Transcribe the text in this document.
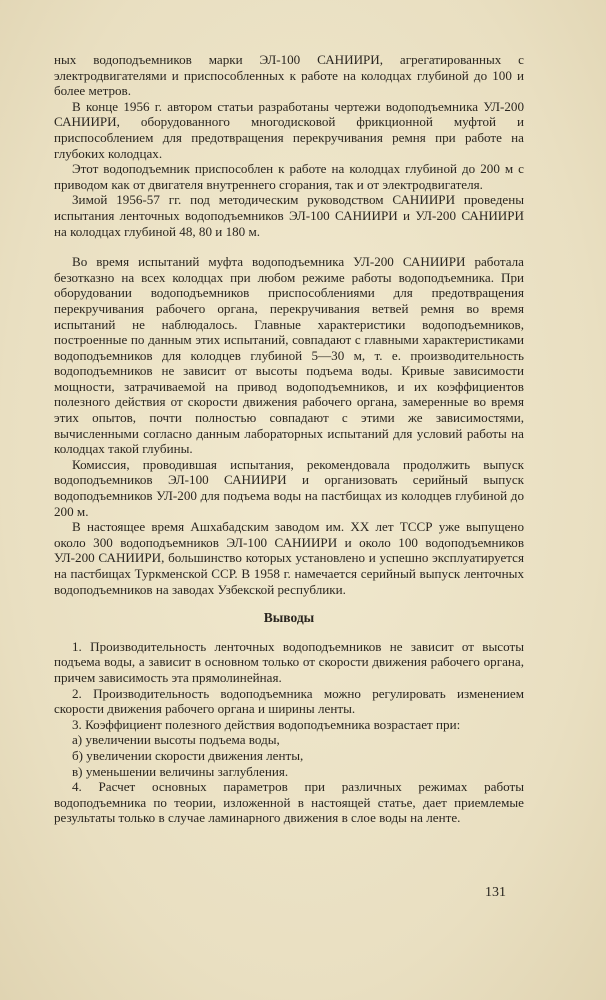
ных водоподъемников марки ЭЛ-100 САНИИРИ, агрегатированных с электродвигателями и приспособленных к работе на колодцах глубиной до 100 и более метров.

В конце 1956 г. автором статьи разработаны чертежи водоподъемника УЛ-200 САНИИРИ, оборудованного многодисковой фрикционной муфтой и приспособлением для предотвращения перекручивания ремня при работе на глубоких колодцах.

Этот водоподъемник приспособлен к работе на колодцах глубиной до 200 м с приводом как от двигателя внутреннего сгорания, так и от электродвигателя.

Зимой 1956-57 гг. под методическим руководством САНИИРИ проведены испытания ленточных водоподъемников ЭЛ-100 САНИИРИ и УЛ-200 САНИИРИ на колодцах глубиной 48, 80 и 180 м.

Во время испытаний муфта водоподъемника УЛ-200 САНИИРИ работала безотказно на всех колодцах при любом режиме работы водоподъемника. При оборудовании водоподъемников приспособлениями для предотвращения перекручивания рабочего органа, перекручивания ветвей ремня во время испытаний не наблюдалось. Главные характеристики водоподъемников, построенные по данным этих испытаний, совпадают с главными характеристиками водоподъемников для колодцев глубиной 5—30 м, т. е. производительность водоподъемников не зависит от высоты подъема воды. Кривые зависимости мощности, затрачиваемой на привод водоподъемников, и их коэффициентов полезного действия от скорости движения рабочего органа, замеренные во время этих опытов, почти полностью совпадают с этими же зависимостями, вычисленными согласно данным лабораторных испытаний для условий работы на колодцах такой глубины.

Комиссия, проводившая испытания, рекомендовала продолжить выпуск водоподъемников ЭЛ-100 САНИИРИ и организовать серийный выпуск водоподъемников УЛ-200 для подъема воды на пастбищах из колодцев глубиной до 200 м.

В настоящее время Ашхабадским заводом им. XX лет ТССР уже выпущено около 300 водоподъемников ЭЛ-100 САНИИРИ и около 100 водоподъемников УЛ-200 САНИИРИ, большинство которых установлено и успешно эксплуатируется на пастбищах Туркменской ССР. В 1958 г. намечается серийный выпуск ленточных водоподъемников на заводах Узбекской республики.

Выводы

1. Производительность ленточных водоподъемников не зависит от высоты подъема воды, а зависит в основном только от скорости движения рабочего органа, причем зависимость эта прямолинейная.

2. Производительность водоподъемника можно регулировать изменением скорости движения рабочего органа и ширины ленты.

3. Коэффициент полезного действия водоподъемника возрастает при:

а) увеличении высоты подъема воды,

б) увеличении скорости движения ленты,

в) уменьшении величины заглубления.

4. Расчет основных параметров при различных режимах работы водоподъемника по теории, изложенной в настоящей статье, дает приемлемые результаты только в случае ламинарного движения в слое воды на ленте.

131
